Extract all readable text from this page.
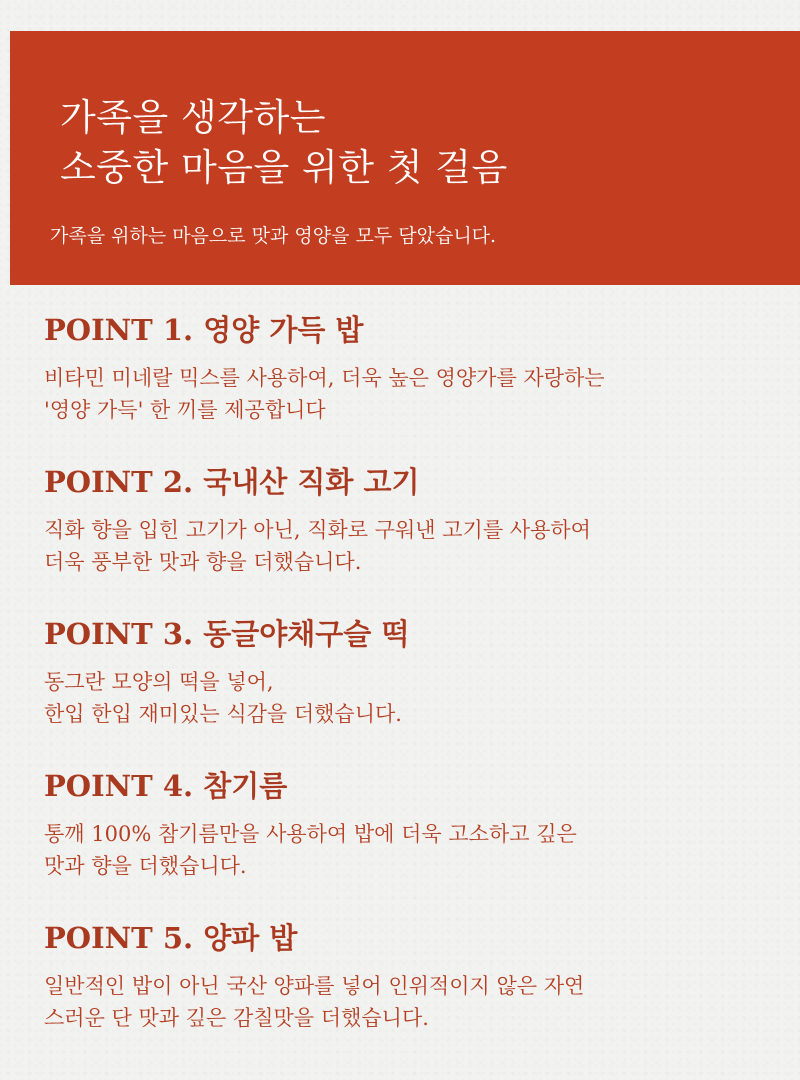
가족을 생각하는
소중한 마음을 위한 첫 걸음

가족을 위하는 마음으로 맛과 영양을 모두 담았습니다.

POINT 1. 영양 가득 밥

비타민 미네랄 믹스를 사용하여, 더욱 높은 영양가를 자랑하는
'영양 가득' 한 끼를 제공합니다

POINT 2. 국내산 직화 고기

직화 향을 입힌 고기가 아닌, 직화로 구워낸 고기를 사용하여
더욱 풍부한 맛과 향을 더했습니다.

POINT 3. 동글야채구슬 떡

동그란 모양의 떡을 넣어,
한입 한입 재미있는 식감을 더했습니다.

POINT 4. 참기름

통깨 100% 참기름만을 사용하여 밥에 더욱 고소하고 깊은
맛과 향을 더했습니다.

POINT 5. 양파 밥

일반적인 밥이 아닌 국산 양파를 넣어 인위적이지 않은 자연
스러운 단 맛과 깊은 감칠맛을 더했습니다.
